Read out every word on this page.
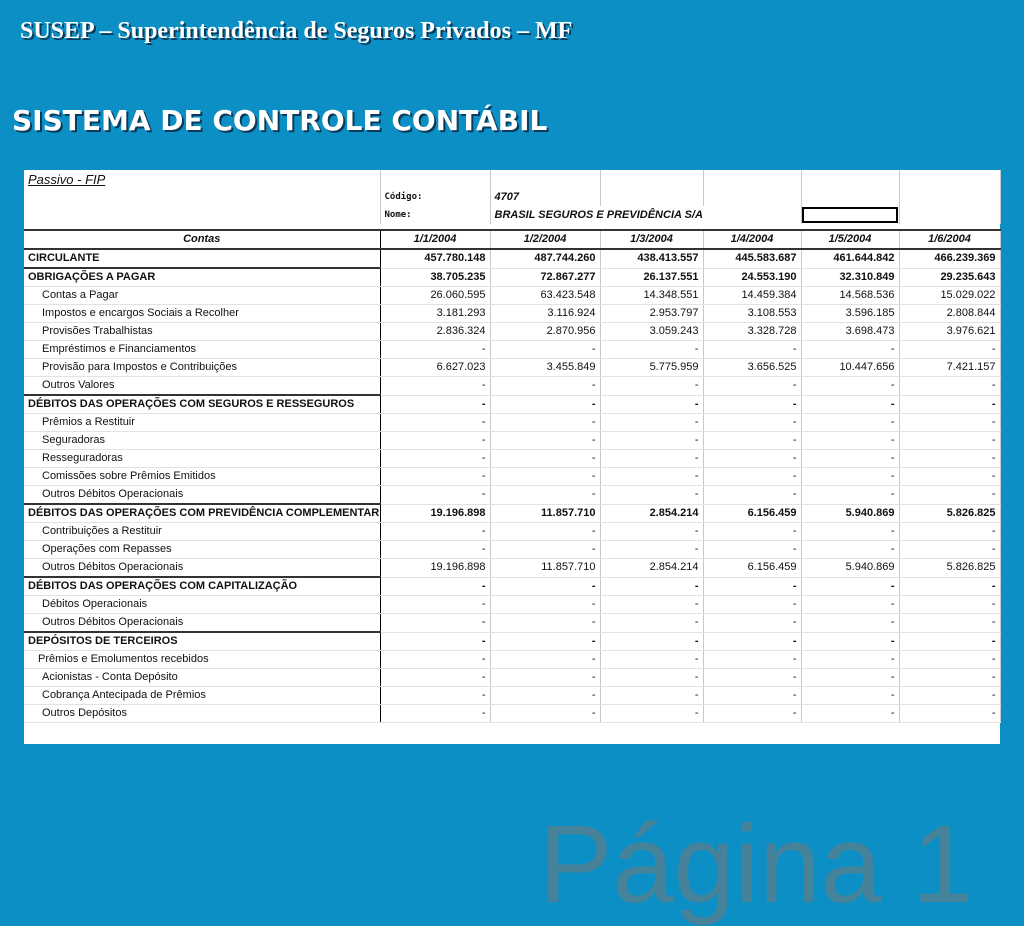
SUSEP – Superintendência de Seguros Privados – MF
SISTEMA DE CONTROLE CONTÁBIL
Passivo - FIP						
	Código:	4707				
	Nome:	BRASIL SEGUROS E PREVIDÊNCIA S/A				

Contas	1/1/2004	1/2/2004	1/3/2004	1/4/2004	1/5/2004	1/6/2004
CIRCULANTE	457.780.148	487.744.260	438.413.557	445.583.687	461.644.842	466.239.369
OBRIGAÇÕES A PAGAR	38.705.235	72.867.277	26.137.551	24.553.190	32.310.849	29.235.643
Contas a Pagar	26.060.595	63.423.548	14.348.551	14.459.384	14.568.536	15.029.022
Impostos e encargos Sociais a Recolher	3.181.293	3.116.924	2.953.797	3.108.553	3.596.185	2.808.844
Provisões Trabalhistas	2.836.324	2.870.956	3.059.243	3.328.728	3.698.473	3.976.621
Empréstimos e Financiamentos	-	-	-	-	-	-
Provisão para Impostos e Contribuições	6.627.023	3.455.849	5.775.959	3.656.525	10.447.656	7.421.157
Outros Valores	-	-	-	-	-	-
DÉBITOS DAS OPERAÇÕES COM SEGUROS E RESSEGUROS	-	-	-	-	-	-
Prêmios a Restituir	-	-	-	-	-	-
Seguradoras	-	-	-	-	-	-
Resseguradoras	-	-	-	-	-	-
Comissões sobre Prêmios Emitidos	-	-	-	-	-	-
Outros Débitos Operacionais	-	-	-	-	-	-
DÉBITOS DAS OPERAÇÕES COM PREVIDÊNCIA COMPLEMENTAR	19.196.898	11.857.710	2.854.214	6.156.459	5.940.869	5.826.825
Contribuições a Restituir	-	-	-	-	-	-
Operações com Repasses	-	-	-	-	-	-
Outros Débitos Operacionais	19.196.898	11.857.710	2.854.214	6.156.459	5.940.869	5.826.825
DÉBITOS DAS OPERAÇÕES COM CAPITALIZAÇÃO	-	-	-	-	-	-
Débitos Operacionais	-	-	-	-	-	-
Outros Débitos Operacionais	-	-	-	-	-	-
DEPÓSITOS DE TERCEIROS	-	-	-	-	-	-
Prêmios e Emolumentos recebidos	-	-	-	-	-	-
Acionistas - Conta Depósito	-	-	-	-	-	-
Cobrança Antecipada de Prêmios	-	-	-	-	-	-
Outros Depósitos	-	-	-	-	-	-
Página 1
